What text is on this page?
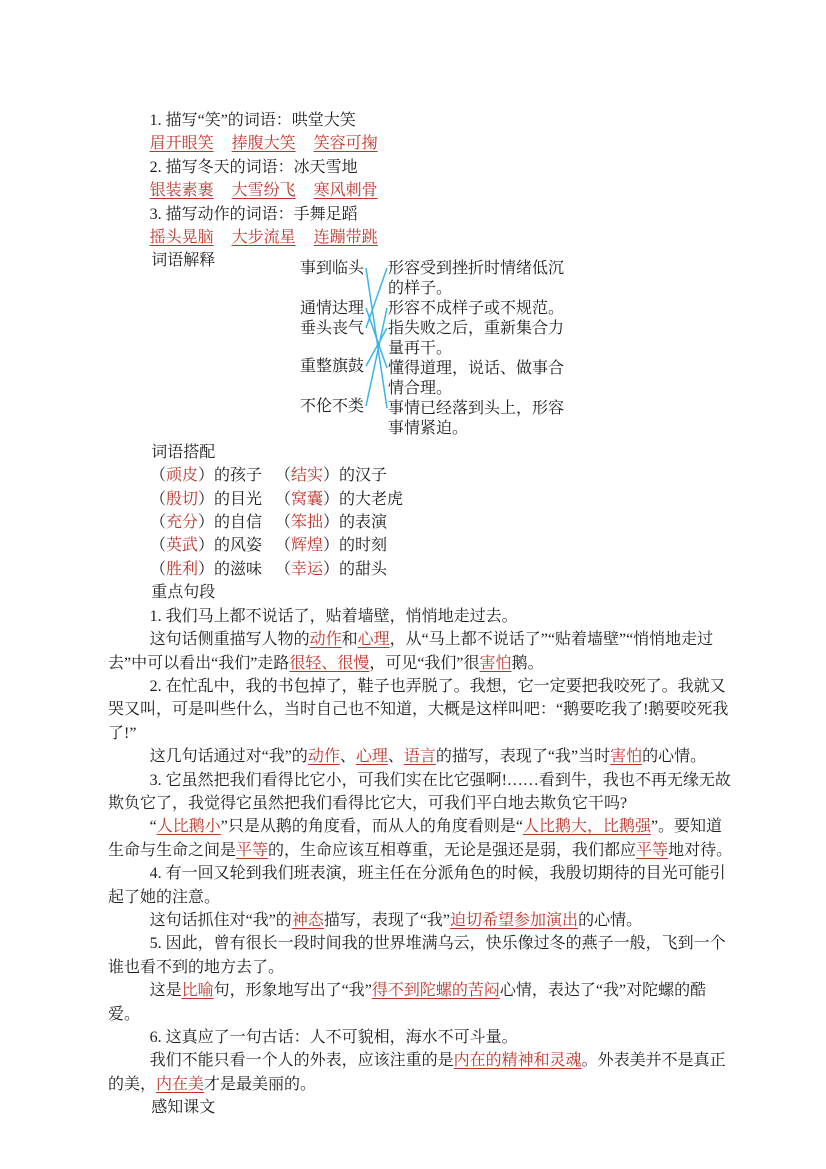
1. 描写“笑”的词语：哄堂大笑
眉开眼笑 捧腹大笑 笑容可掬
2. 描写冬天的词语：冰天雪地
银装素裹 大雪纷飞 寒风刺骨
3. 描写动作的词语：手舞足蹈
摇头晃脑 大步流星 连蹦带跳
词语解释	事到临头
通情达理
垂头丧气
重整旗鼓
不伦不类
形容受到挫折时情绪低沉的样子。
形容不成样子或不规范。
指失败之后，重新集合力量再干。
懂得道理，说话、做事合情合理。
事情已经落到头上，形容事情紧迫。
词语搭配
（顽皮）的孩子 （结实）的汉子
（殷切）的目光 （窝囊）的大老虎
（充分）的自信 （笨拙）的表演
（英武）的风姿 （辉煌）的时刻
（胜利）的滋味 （幸运）的甜头
重点句段

1. 我们马上都不说话了，贴着墙壁，悄悄地走过去。

这句话侧重描写人物的动作和心理，从“马上都不说话了”“贴着墙壁”“悄悄地走过去”中可以看出“我们”走路很轻、很慢，可见“我们”很害怕鹅。

2. 在忙乱中，我的书包掉了，鞋子也弄脱了。我想，它一定要把我咬死了。我就又哭又叫，可是叫些什么，当时自己也不知道，大概是这样叫吧：“鹅要吃我了!鹅要咬死我了!”

这几句话通过对“我”的动作、心理、语言的描写，表现了“我”当时害怕的心情。

3. 它虽然把我们看得比它小，可我们实在比它强啊!……看到牛，我也不再无缘无故欺负它了，我觉得它虽然把我们看得比它大，可我们平白地去欺负它干吗?

“人比鹅小”只是从鹅的角度看，而从人的角度看则是“人比鹅大，比鹅强”。要知道生命与生命之间是平等的，生命应该互相尊重，无论是强还是弱，我们都应平等地对待。

4. 有一回又轮到我们班表演，班主任在分派角色的时候，我殷切期待的目光可能引起了她的注意。

这句话抓住对“我”的神态描写，表现了“我”迫切希望参加演出的心情。

5. 因此，曾有很长一段时间我的世界堆满乌云，快乐像过冬的燕子一般，飞到一个谁也看不到的地方去了。

这是比喻句，形象地写出了“我”得不到陀螺的苦闷心情，表达了“我”对陀螺的酷爱。

6. 这真应了一句古话：人不可貌相，海水不可斗量。

我们不能只看一个人的外表，应该注重的是内在的精神和灵魂。外表美并不是真正的美，内在美才是最美丽的。

感知课文
